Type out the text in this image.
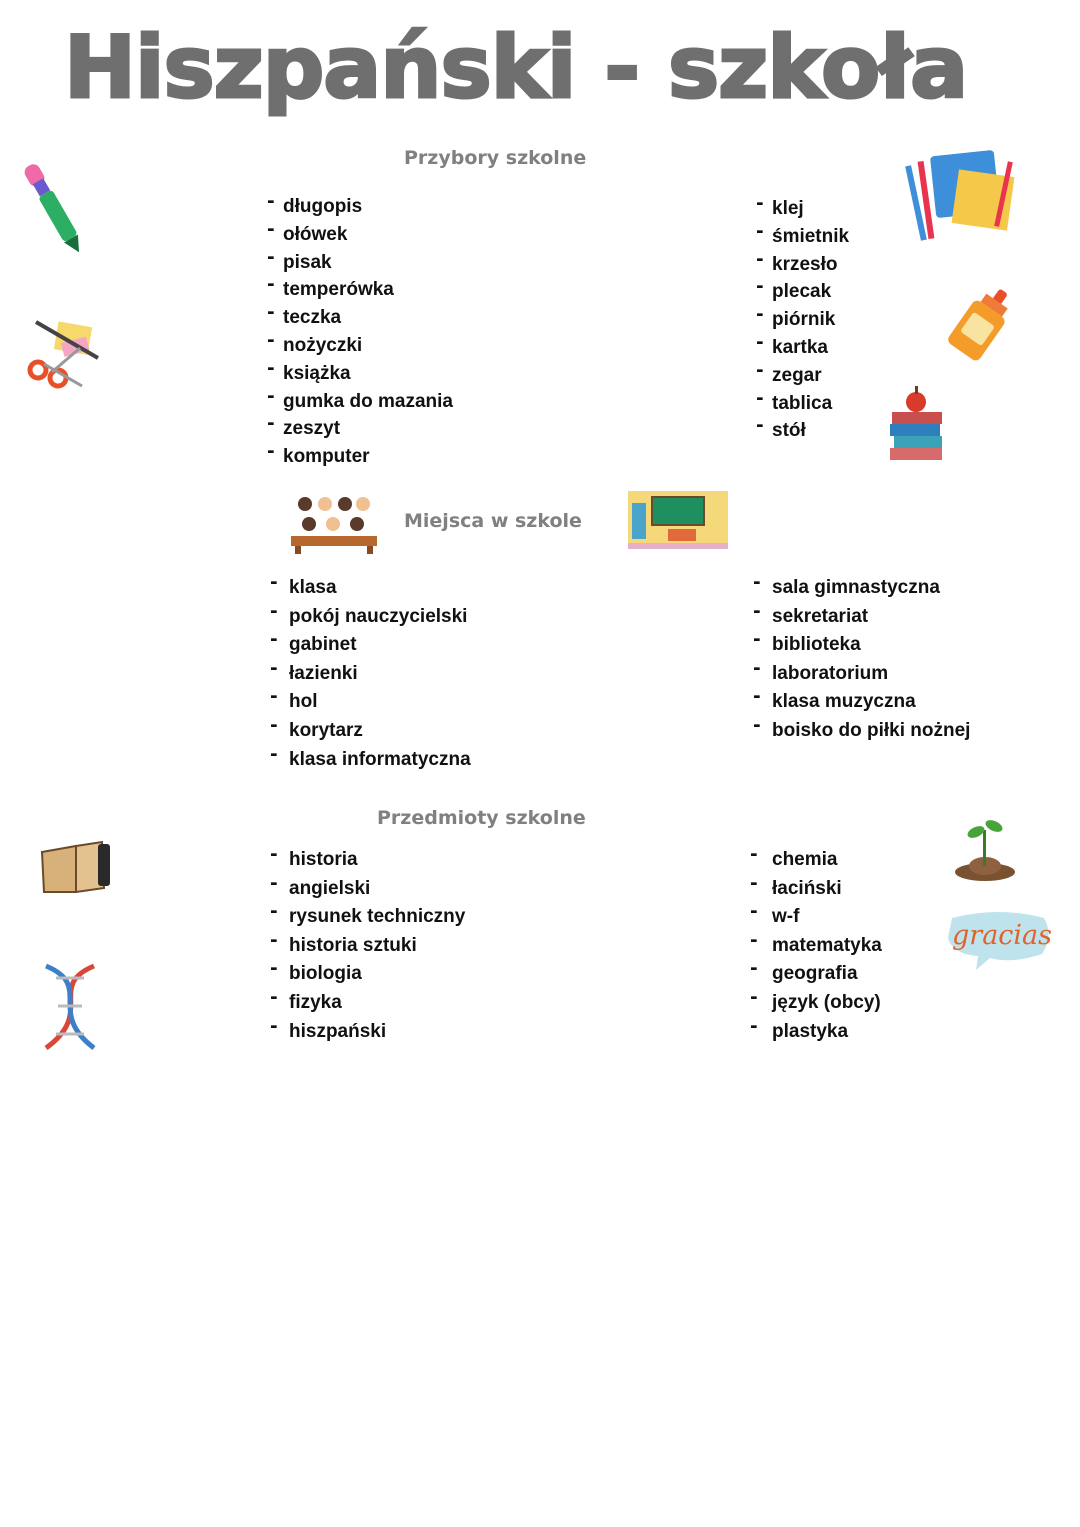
Hiszpański - szkoła
Przybory szkolne
- długopis
- ołówek
- pisak
- temperówka
- teczka
- nożyczki
- książka
- gumka do mazania
- zeszyt
- komputer
- klej
- śmietnik
- krzesło
- plecak
- piórnik
- kartka
- zegar
- tablica
- stół
Miejsca w szkole
- klasa
- pokój nauczycielski
- gabinet
- łazienki
- hol
- korytarz
- klasa informatyczna
- sala gimnastyczna
- sekretariat
- biblioteka
- laboratorium
- klasa muzyczna
- boisko do piłki nożnej
Przedmioty szkolne
- historia
- angielski
- rysunek techniczny
- historia sztuki
- biologia
- fizyka
- hiszpański
- chemia
- łaciński
- w-f
- matematyka
- geografia
- język (obcy)
- plastyka
gracias
